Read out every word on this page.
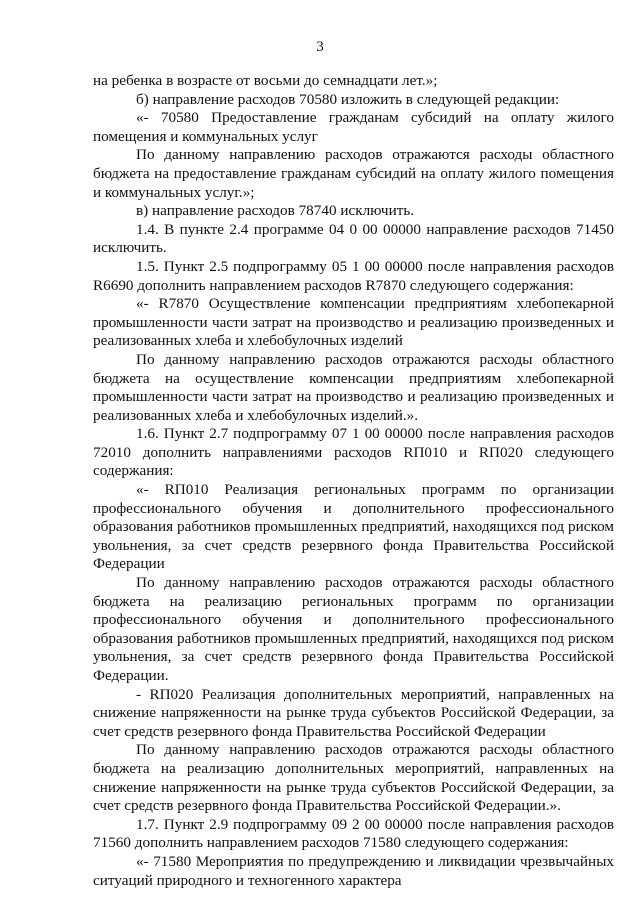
3

на ребенка в возрасте от восьми до семнадцати лет.»;

б) направление расходов 70580 изложить в следующей редакции:

«- 70580 Предоставление гражданам субсидий на оплату жилого помещения и коммунальных услуг

По данному направлению расходов отражаются расходы областного бюджета на предоставление гражданам субсидий на оплату жилого помещения и коммунальных услуг.»;

в) направление расходов 78740 исключить.

1.4. В пункте 2.4 программе 04 0 00 00000 направление расходов 71450 исключить.

1.5. Пункт 2.5 подпрограмму 05 1 00 00000 после направления расходов R6690 дополнить направлением расходов R7870 следующего содержания:

«- R7870 Осуществление компенсации предприятиям хлебопекарной промышленности части затрат на производство и реализацию произведенных и реализованных хлеба и хлебобулочных изделий

По данному направлению расходов отражаются расходы областного бюджета на осуществление компенсации предприятиям хлебопекарной промышленности части затрат на производство и реализацию произведенных и реализованных хлеба и хлебобулочных изделий.».

1.6. Пункт 2.7 подпрограмму 07 1 00 00000 после направления расходов 72010 дополнить направлениями расходов RП010 и RП020 следующего содержания:

«- RП010 Реализация региональных программ по организации профессионального обучения и дополнительного профессионального образования работников промышленных предприятий, находящихся под риском увольнения, за счет средств резервного фонда Правительства Российской Федерации

По данному направлению расходов отражаются расходы областного бюджета на реализацию региональных программ по организации профессионального обучения и дополнительного профессионального образования работников промышленных предприятий, находящихся под риском увольнения, за счет средств резервного фонда Правительства Российской Федерации.

- RП020 Реализация дополнительных мероприятий, направленных на снижение напряженности на рынке труда субъектов Российской Федерации, за счет средств резервного фонда Правительства Российской Федерации

По данному направлению расходов отражаются расходы областного бюджета на реализацию дополнительных мероприятий, направленных на снижение напряженности на рынке труда субъектов Российской Федерации, за счет средств резервного фонда Правительства Российской Федерации.».

1.7. Пункт 2.9 подпрограмму 09 2 00 00000 после направления расходов 71560 дополнить направлением расходов 71580 следующего содержания:

«- 71580 Мероприятия по предупреждению и ликвидации чрезвычайных ситуаций природного и техногенного характера
